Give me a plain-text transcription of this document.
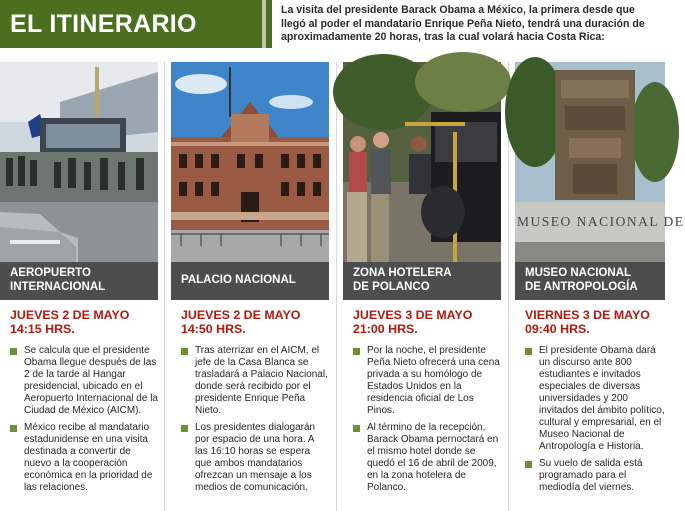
EL ITINERARIO	La visita del presidente Barack Obama a México, la primera desde que llegó al poder el mandatario Enrique Peña Nieto, tendrá una duración de aproximadamente 20 horas, tras la cual volará hacia Costa Rica:
AEROPUERTO
INTERNACIONAL
JUEVES 2 DE MAYO
14:15 HRS.
Se calcula que el presidente Obama llegue después de las 2 de la tarde al Hangar presidencial, ubicado en el Aeropuerto Internacional de la Ciudad de México (AICM).
México recibe al mandatario estadunidense en una visita destinada a convertir de nuevo a la cooperación económica en la prioridad de las relaciones.
PALACIO NACIONAL
JUEVES 2 DE MAYO
14:50 HRS.
Tras aterrizar en el AICM, el jefe de la Casa Blanca se trasladará a Palacio Nacional, donde será recibido por el presidente Enrique Peña Nieto.
Los presidentes dialogarán por espacio de una hora. A las 16:10 horas se espera que ambos mandatarios ofrezcan un mensaje a los medios de comunicación.
ZONA HOTELERA
DE POLANCO
JUEVES 3 DE MAYO
21:00 HRS.
Por la noche, el presidente Peña Nieto ofrecerá una cena privada a su homólogo de Estados Unidos en la residencia oficial de Los Pinos.
Al término de la recepción, Barack Obama pernoctará en el mismo hotel donde se quedó el 16 de abril de 2009, en la zona hotelera de Polanco.
MUSEO NACIONAL DE
MUSEO NACIONAL
DE ANTROPOLOGÍA
VIERNES 3 DE MAYO
09:40 HRS.
El presidente Obama dará un discurso ante 800 estudiantes e invitados especiales de diversas universidades y 200 invitados del ámbito político, cultural y empresarial, en el Museo Nacional de Antropología e Historia.
Su vuelo de salida está programado para el mediodía del viernes.
